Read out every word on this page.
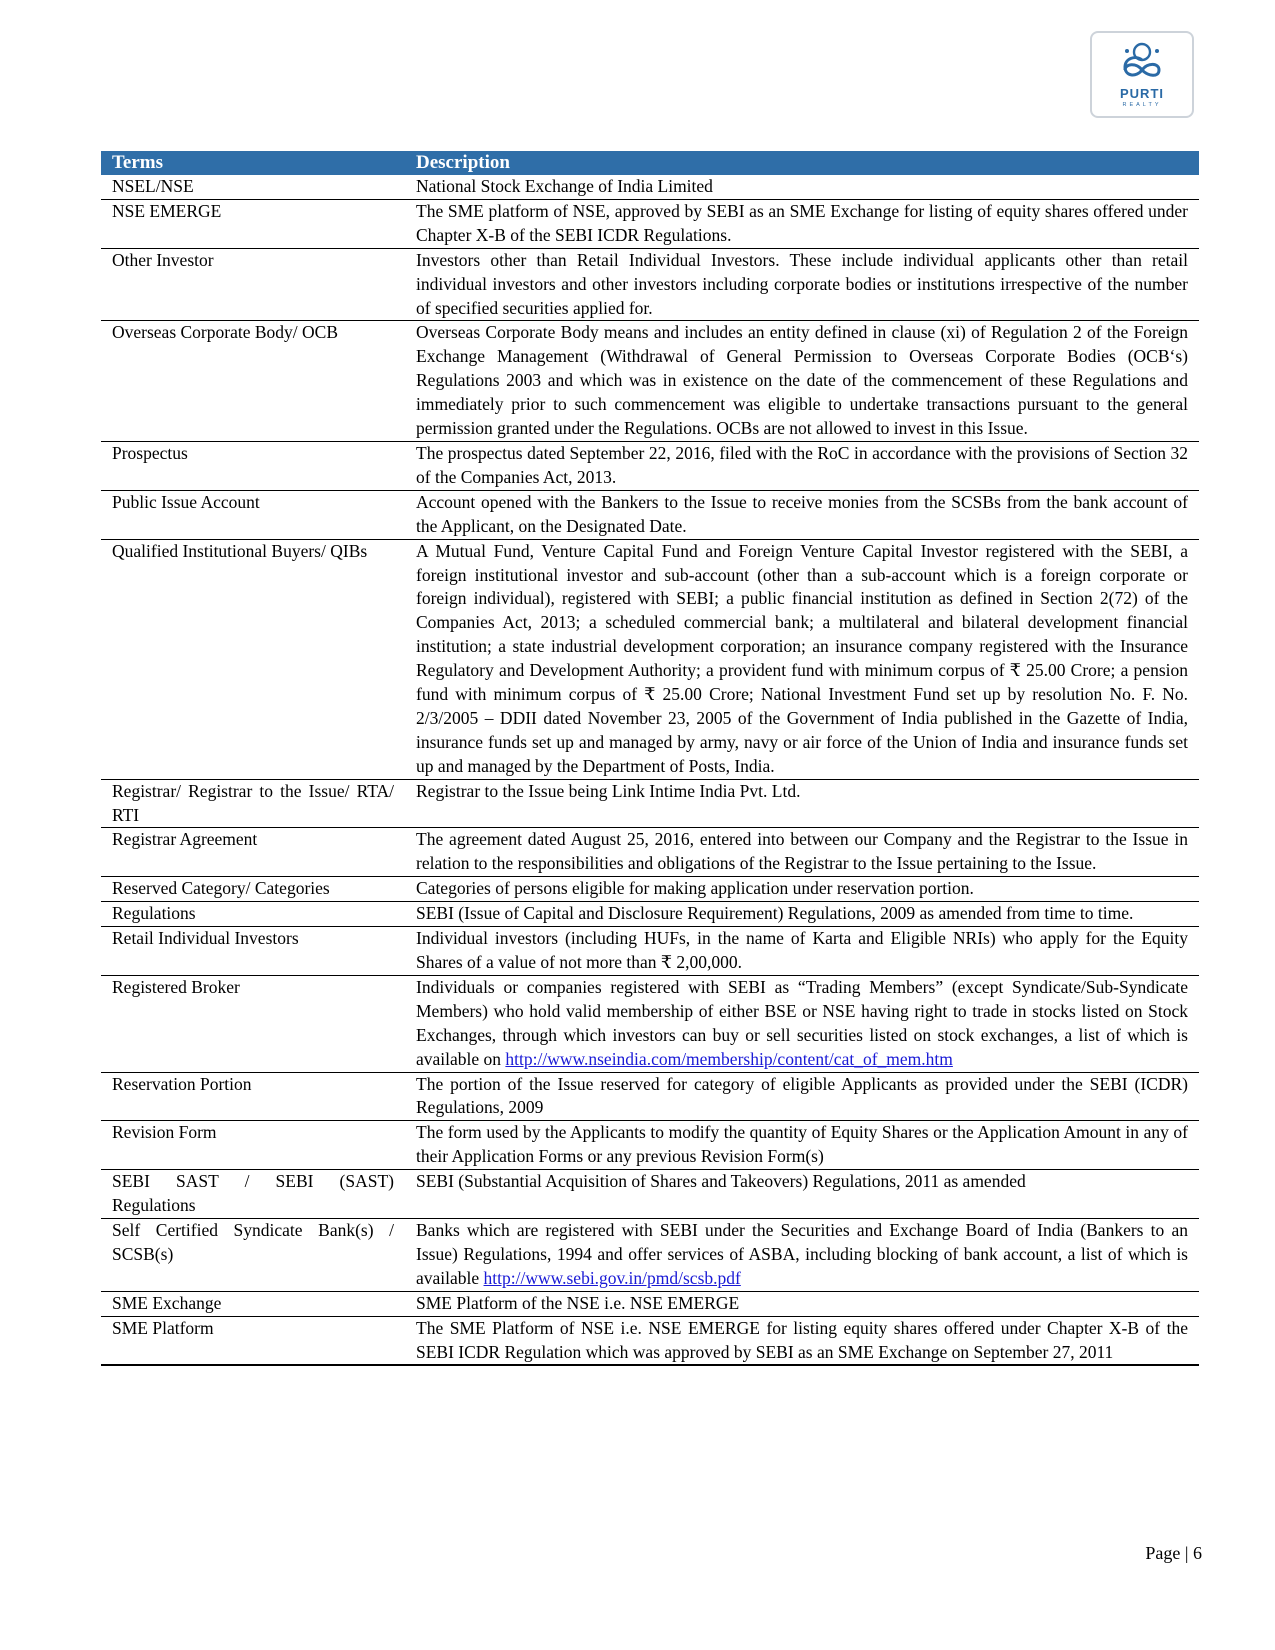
PURTI
REALTY
Terms	Description
NSEL/NSE	National Stock Exchange of India Limited
NSE EMERGE	The SME platform of NSE, approved by SEBI as an SME Exchange for listing of equity shares offered under Chapter X-B of the SEBI ICDR Regulations.
Other Investor	Investors other than Retail Individual Investors. These include individual applicants other than retail individual investors and other investors including corporate bodies or institutions irrespective of the number of specified securities applied for.
Overseas Corporate Body/ OCB	Overseas Corporate Body means and includes an entity defined in clause (xi) of Regulation 2 of the Foreign Exchange Management (Withdrawal of General Permission to Overseas Corporate Bodies (OCB‘s) Regulations 2003 and which was in existence on the date of the commencement of these Regulations and immediately prior to such commencement was eligible to undertake transactions pursuant to the general permission granted under the Regulations. OCBs are not allowed to invest in this Issue.
Prospectus	The prospectus dated September 22, 2016, filed with the RoC in accordance with the provisions of Section 32 of the Companies Act, 2013.
Public Issue Account	Account opened with the Bankers to the Issue to receive monies from the SCSBs from the bank account of the Applicant, on the Designated Date.
Qualified Institutional Buyers/ QIBs	A Mutual Fund, Venture Capital Fund and Foreign Venture Capital Investor registered with the SEBI, a foreign institutional investor and sub-account (other than a sub-account which is a foreign corporate or foreign individual), registered with SEBI; a public financial institution as defined in Section 2(72) of the Companies Act, 2013; a scheduled commercial bank; a multilateral and bilateral development financial institution; a state industrial development corporation; an insurance company registered with the Insurance Regulatory and Development Authority; a provident fund with minimum corpus of ₹ 25.00 Crore; a pension fund with minimum corpus of ₹ 25.00 Crore; National Investment Fund set up by resolution No. F. No. 2/3/2005 – DDII dated November 23, 2005 of the Government of India published in the Gazette of India, insurance funds set up and managed by army, navy or air force of the Union of India and insurance funds set up and managed by the Department of Posts, India.
Registrar/ Registrar to the Issue/ RTA/ RTI	Registrar to the Issue being Link Intime India Pvt. Ltd.
Registrar Agreement	The agreement dated August 25, 2016, entered into between our Company and the Registrar to the Issue in relation to the responsibilities and obligations of the Registrar to the Issue pertaining to the Issue.
Reserved Category/ Categories	Categories of persons eligible for making application under reservation portion.
Regulations	SEBI (Issue of Capital and Disclosure Requirement) Regulations, 2009 as amended from time to time.
Retail Individual Investors	Individual investors (including HUFs, in the name of Karta and Eligible NRIs) who apply for the Equity Shares of a value of not more than ₹ 2,00,000.
Registered Broker	Individuals or companies registered with SEBI as “Trading Members” (except Syndicate/Sub-Syndicate Members) who hold valid membership of either BSE or NSE having right to trade in stocks listed on Stock Exchanges, through which investors can buy or sell securities listed on stock exchanges, a list of which is available on http://www.nseindia.com/membership/content/cat_of_mem.htm
Reservation Portion	The portion of the Issue reserved for category of eligible Applicants as provided under the SEBI (ICDR) Regulations, 2009
Revision Form	The form used by the Applicants to modify the quantity of Equity Shares or the Application Amount in any of their Application Forms or any previous Revision Form(s)
SEBI SAST / SEBI (SAST) Regulations	SEBI (Substantial Acquisition of Shares and Takeovers) Regulations, 2011 as amended
Self Certified Syndicate Bank(s) / SCSB(s)	Banks which are registered with SEBI under the Securities and Exchange Board of India (Bankers to an Issue) Regulations, 1994 and offer services of ASBA, including blocking of bank account, a list of which is available http://www.sebi.gov.in/pmd/scsb.pdf
SME Exchange	SME Platform of the NSE i.e. NSE EMERGE
SME Platform	The SME Platform of NSE i.e. NSE EMERGE for listing equity shares offered under Chapter X-B of the SEBI ICDR Regulation which was approved by SEBI as an SME Exchange on September 27, 2011
Page | 6
